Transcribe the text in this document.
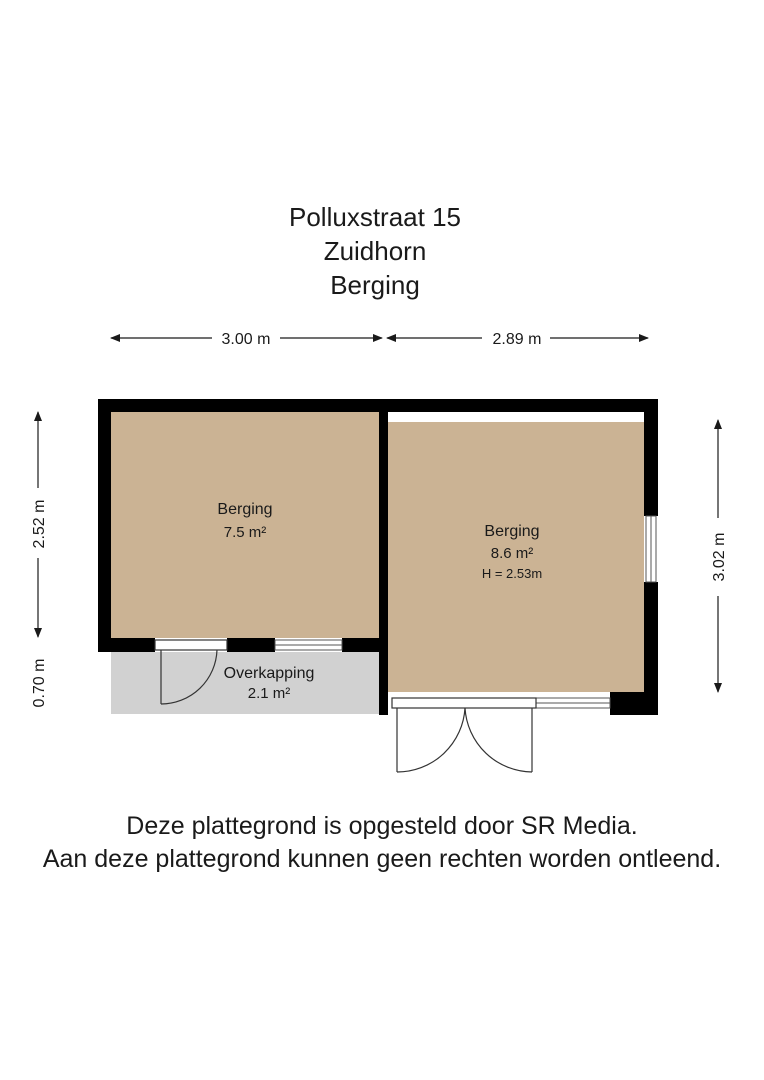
Polluxstraat 15
Zuidhorn
Berging
3.00 m	2.89 m
2.52 m
0.70 m
3.02 m
Berging
7.5 m²	Berging
8.6 m²
H = 2.53m
Overkapping
2.1 m²
Deze plattegrond is opgesteld door SR Media.
Aan deze plattegrond kunnen geen rechten worden ontleend.
